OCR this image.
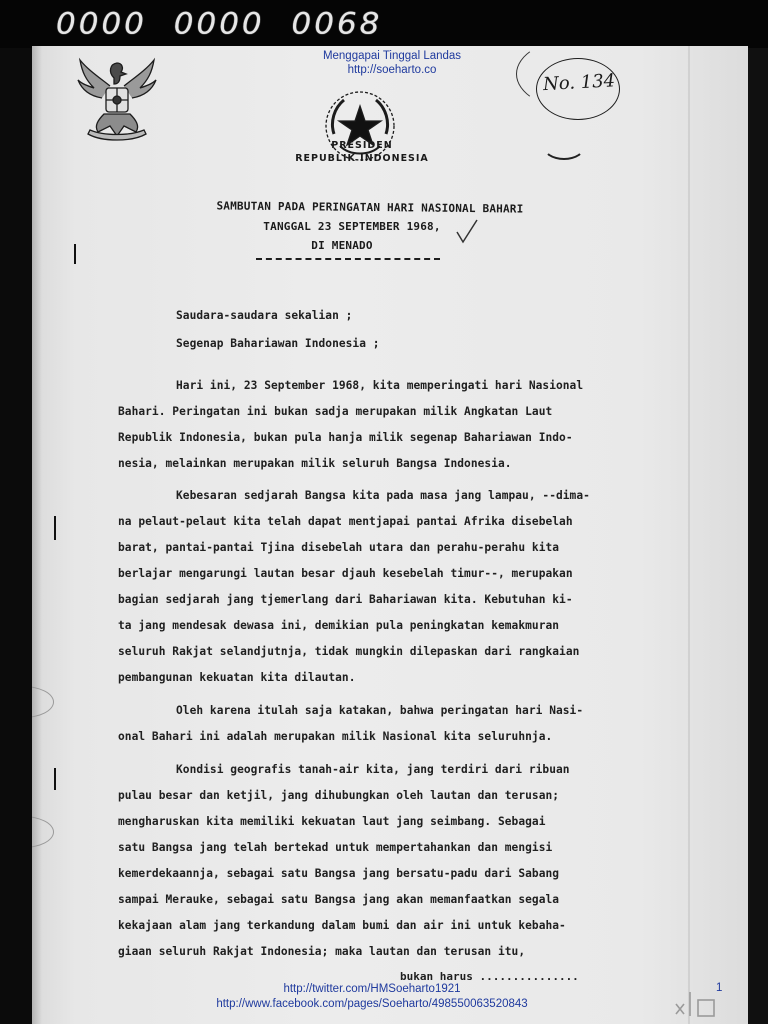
0000 0000 0068
PRESIDEN
REPUBLIK INDONESIA
No. 134
Menggapai Tinggal Landas
http://soeharto.co
SAMBUTAN PADA PERINGATAN HARI NASIONAL BAHARI
TANGGAL 23 SEPTEMBER 1968,
DI MENADO
Saudara-saudara sekalian ;
Segenap Bahariawan Indonesia ;
Hari ini, 23 September 1968, kita memperingati hari Nasional
Bahari. Peringatan ini bukan sadja merupakan milik Angkatan Laut
Republik Indonesia, bukan pula hanja milik segenap Bahariawan Indo-
nesia, melainkan merupakan milik seluruh Bangsa Indonesia.
Kebesaran sedjarah Bangsa kita pada masa jang lampau, --dima-
na pelaut-pelaut kita telah dapat mentjapai pantai Afrika disebelah
barat, pantai-pantai Tjina disebelah utara dan perahu-perahu kita
berlajar mengarungi lautan besar djauh kesebelah timur--, merupakan
bagian sedjarah jang tjemerlang dari Bahariawan kita. Kebutuhan ki-
ta jang mendesak dewasa ini, demikian pula peningkatan kemakmuran
seluruh Rakjat selandjutnja, tidak mungkin dilepaskan dari rangkaian
pembangunan kekuatan kita dilautan.
Oleh karena itulah saja katakan, bahwa peringatan hari Nasi-
onal Bahari ini adalah merupakan milik Nasional kita seluruhnja.
Kondisi geografis tanah-air kita, jang terdiri dari ribuan
pulau besar dan ketjil, jang dihubungkan oleh lautan dan terusan;
mengharuskan kita memiliki kekuatan laut jang seimbang. Sebagai
satu Bangsa jang telah bertekad untuk mempertahankan dan mengisi
kemerdekaannja, sebagai satu Bangsa jang bersatu-padu dari Sabang
sampai Merauke, sebagai satu Bangsa jang akan memanfaatkan segala
kekajaan alam jang terkandung dalam bumi dan air ini untuk kebaha-
giaan seluruh Rakjat Indonesia; maka lautan dan terusan itu,
bukan harus ...............
http://twitter.com/HMSoeharto1921
http://www.facebook.com/pages/Soeharto/498550063520843
1
